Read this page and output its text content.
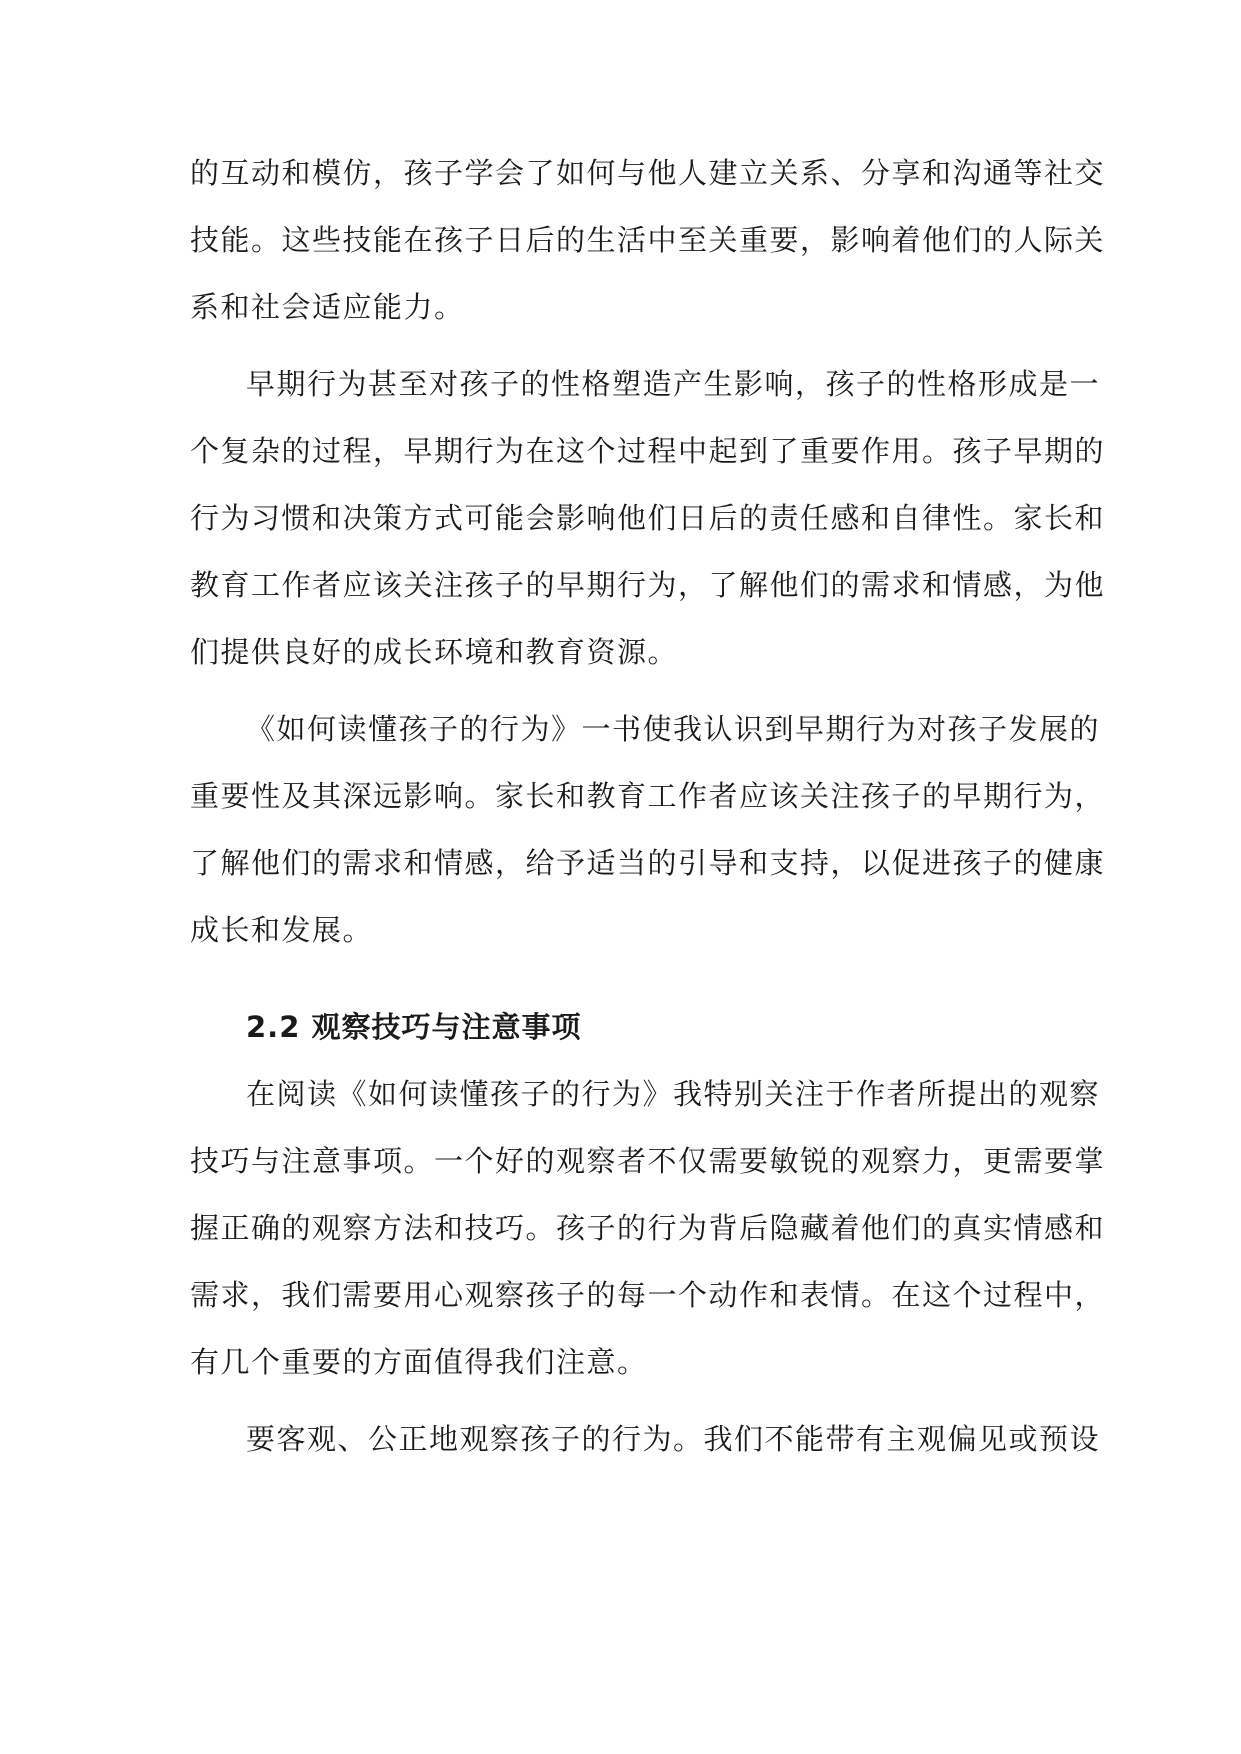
的互动和模仿，孩子学会了如何与他人建立关系、分享和沟通等社交
技能。这些技能在孩子日后的生活中至关重要，影响着他们的人际关
系和社会适应能力。
早期行为甚至对孩子的性格塑造产生影响，孩子的性格形成是一
个复杂的过程，早期行为在这个过程中起到了重要作用。孩子早期的
行为习惯和决策方式可能会影响他们日后的责任感和自律性。家长和
教育工作者应该关注孩子的早期行为，了解他们的需求和情感，为他
们提供良好的成长环境和教育资源。
《如何读懂孩子的行为》一书使我认识到早期行为对孩子发展的
重要性及其深远影响。家长和教育工作者应该关注孩子的早期行为，
了解他们的需求和情感，给予适当的引导和支持，以促进孩子的健康
成长和发展。
2.2 观察技巧与注意事项
在阅读《如何读懂孩子的行为》我特别关注于作者所提出的观察
技巧与注意事项。一个好的观察者不仅需要敏锐的观察力，更需要掌
握正确的观察方法和技巧。孩子的行为背后隐藏着他们的真实情感和
需求，我们需要用心观察孩子的每一个动作和表情。在这个过程中，
有几个重要的方面值得我们注意。
要客观、公正地观察孩子的行为。我们不能带有主观偏见或预设
